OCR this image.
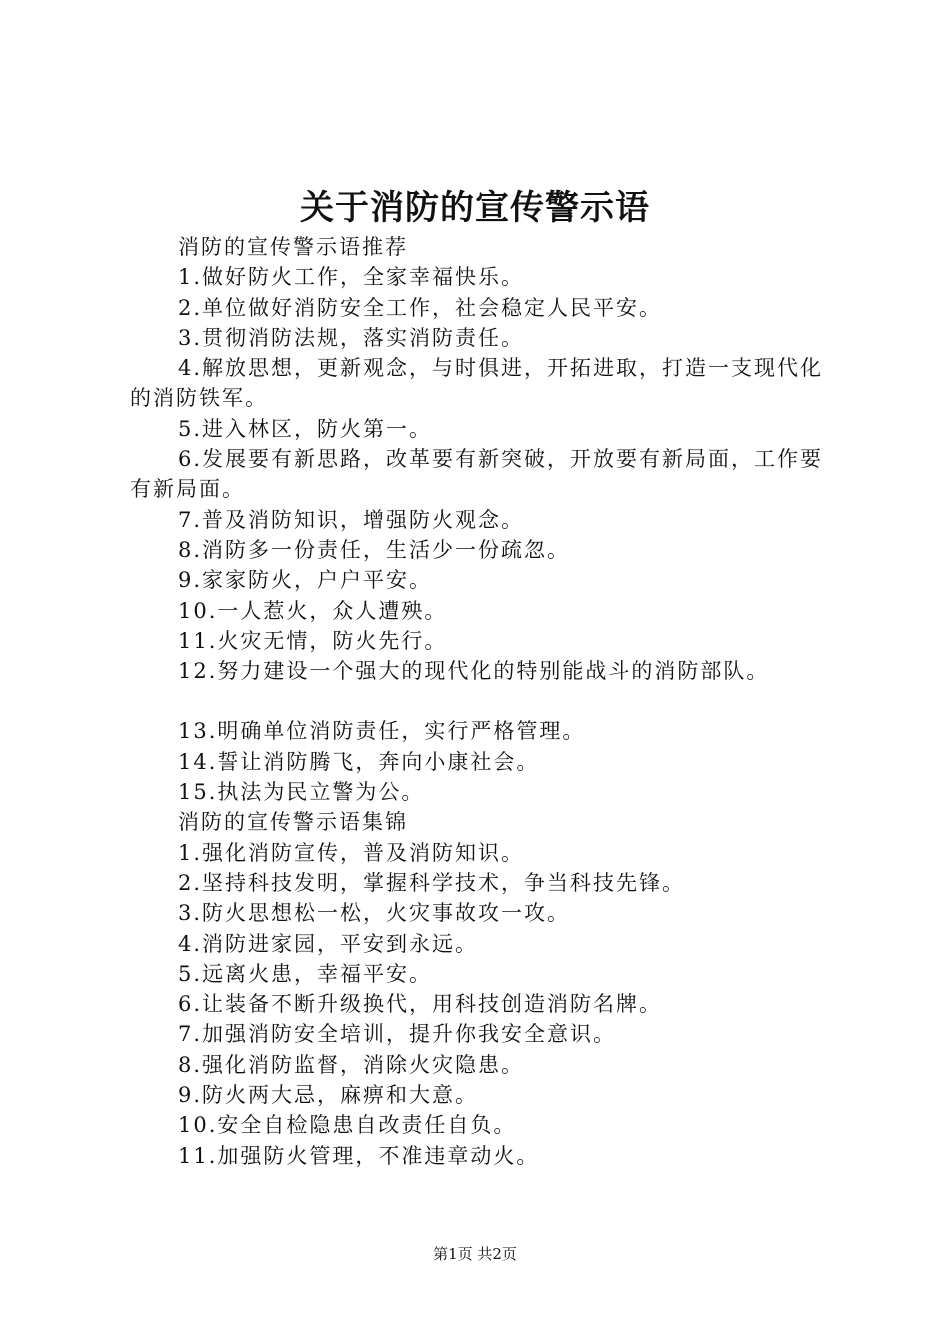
关于消防的宣传警示语

消防的宣传警示语推荐

1.做好防火工作，全家幸福快乐。

2.单位做好消防安全工作，社会稳定人民平安。

3.贯彻消防法规，落实消防责任。

4.解放思想，更新观念，与时俱进，开拓进取，打造一支现代化的消防铁军。

5.进入林区，防火第一。

6.发展要有新思路，改革要有新突破，开放要有新局面，工作要有新局面。

7.普及消防知识，增强防火观念。

8.消防多一份责任，生活少一份疏忽。

9.家家防火，户户平安。

10.一人惹火，众人遭殃。

11.火灾无情，防火先行。

12.努力建设一个强大的现代化的特别能战斗的消防部队。

13.明确单位消防责任，实行严格管理。

14.誓让消防腾飞，奔向小康社会。

15.执法为民立警为公。

消防的宣传警示语集锦

1.强化消防宣传，普及消防知识。

2.坚持科技发明，掌握科学技术，争当科技先锋。

3.防火思想松一松，火灾事故攻一攻。

4.消防进家园，平安到永远。

5.远离火患，幸福平安。

6.让装备不断升级换代，用科技创造消防名牌。

7.加强消防安全培训，提升你我安全意识。

8.强化消防监督，消除火灾隐患。

9.防火两大忌，麻痹和大意。

10.安全自检隐患自改责任自负。

11.加强防火管理，不准违章动火。

第1页 共2页
